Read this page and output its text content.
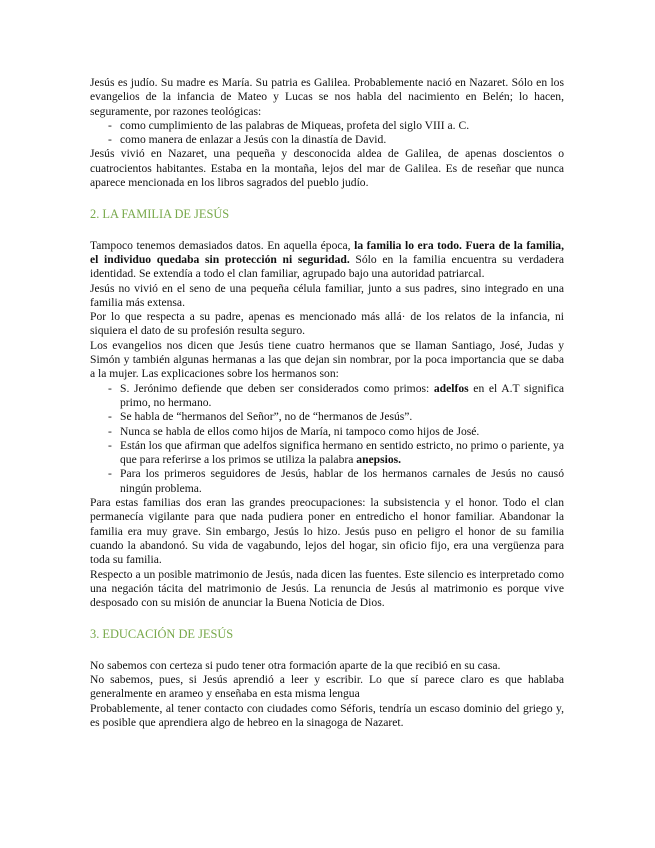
Jesús es judío. Su madre es María. Su patria es Galilea. Probablemente nació en Nazaret. Sólo en los evangelios de la infancia de Mateo y Lucas se nos habla del nacimiento en Belén; lo hacen, seguramente, por razones teológicas:

- como cumplimiento de las palabras de Miqueas, profeta del siglo VIII a. C.
- como manera de enlazar a Jesús con la dinastía de David.

Jesús vivió en Nazaret, una pequeña y desconocida aldea de Galilea, de apenas doscientos o cuatrocientos habitantes. Estaba en la montaña, lejos del mar de Galilea. Es de reseñar que nunca aparece mencionada en los libros sagrados del pueblo judío.

2. LA FAMILIA DE JESÚS

Tampoco tenemos demasiados datos. En aquella época, la familia lo era todo. Fuera de la familia, el individuo quedaba sin protección ni seguridad. Sólo en la familia encuentra su verdadera identidad. Se extendía a todo el clan familiar, agrupado bajo una autoridad patriarcal.

Jesús no vivió en el seno de una pequeña célula familiar, junto a sus padres, sino integrado en una familia más extensa.

Por lo que respecta a su padre, apenas es mencionado más allá· de los relatos de la infancia, ni siquiera el dato de su profesión resulta seguro.

Los evangelios nos dicen que Jesús tiene cuatro hermanos que se llaman Santiago, José, Judas y Simón y también algunas hermanas a las que dejan sin nombrar, por la poca importancia que se daba a la mujer. Las explicaciones sobre los hermanos son:

- S. Jerónimo defiende que deben ser considerados como primos: adelfos en el A.T significa primo, no hermano.
- Se habla de “hermanos del Señor”, no de “hermanos de Jesús”.
- Nunca se habla de ellos como hijos de María, ni tampoco como hijos de José.
- Están los que afirman que adelfos significa hermano en sentido estricto, no primo o pariente, ya que para referirse a los primos se utiliza la palabra anepsios.
- Para los primeros seguidores de Jesús, hablar de los hermanos carnales de Jesús no causó ningún problema.

Para estas familias dos eran las grandes preocupaciones: la subsistencia y el honor. Todo el clan permanecía vigilante para que nada pudiera poner en entredicho el honor familiar. Abandonar la familia era muy grave. Sin embargo, Jesús lo hizo. Jesús puso en peligro el honor de su familia cuando la abandonó. Su vida de vagabundo, lejos del hogar, sin oficio fijo, era una vergüenza para toda su familia.

Respecto a un posible matrimonio de Jesús, nada dicen las fuentes. Este silencio es interpretado como una negación tácita del matrimonio de Jesús. La renuncia de Jesús al matrimonio es porque vive desposado con su misión de anunciar la Buena Noticia de Dios.

3. EDUCACIÓN DE JESÚS

No sabemos con certeza si pudo tener otra formación aparte de la que recibió en su casa.

No sabemos, pues, si Jesús aprendió a leer y escribir. Lo que sí parece claro es que hablaba generalmente en arameo y enseñaba en esta misma lengua

Probablemente, al tener contacto con ciudades como Séforis, tendría un escaso dominio del griego y, es posible que aprendiera algo de hebreo en la sinagoga de Nazaret.
